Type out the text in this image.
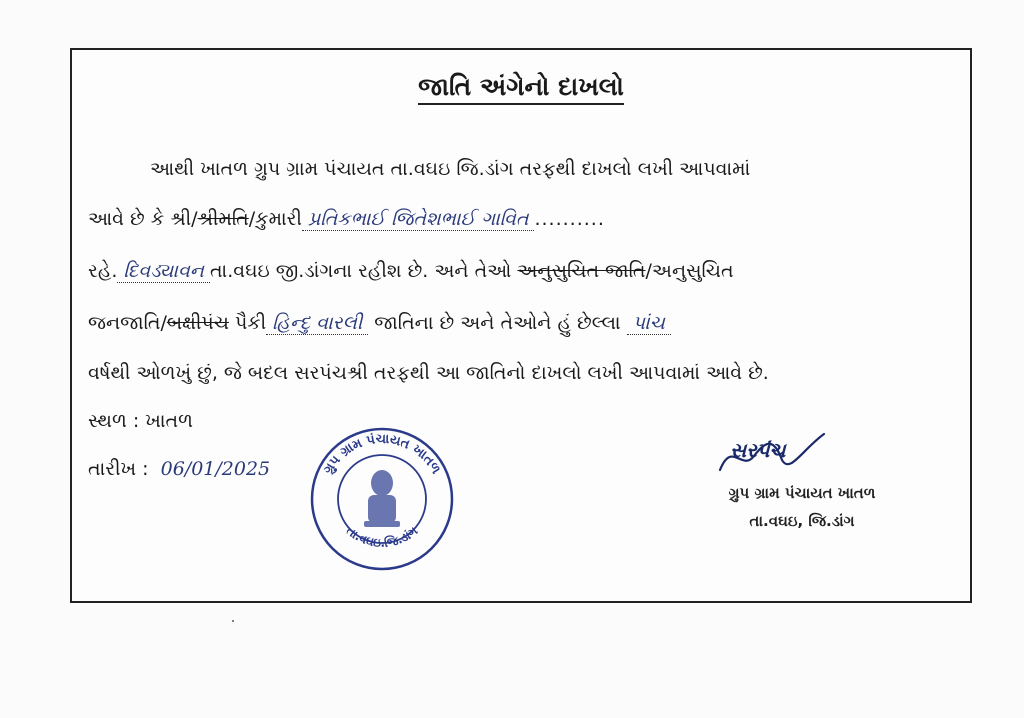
જાતિ અંગેનો દાખલો
આથી ખાતળ ગ્રુપ ગ્રામ પંચાયત તા.વઘઇ જિ.ડાંગ તરફથી દાખલો લખી આપવામાં
આવે છે કે શ્રી/શ્રીમતિ/કુમારી પ્રતિકભાઈ જિતેશભાઈ ગાવિત ..........
રહે. દિવડ્યાવન તા.વઘઇ જી.ડાંગના રહીશ છે. અને તેઓ અનુસુચિત જાતિ/અનુસુચિત
જનજાતિ/બક્ષીપંચ પૈકી હિન્દુ વારલી જાતિના છે અને તેઓને હું છેલ્લા પાંચ
વર્ષથી ઓળખું છું, જે બદલ સરપંચશ્રી તરફથી આ જાતિનો દાખલો લખી આપવામાં આવે છે.
સ્થળ : ખાતળ
તારીખ : 06/01/2025	ગ્રુપ ગ્રામ પંચાયત ખાતળ
તા.વઘઇ.જિ.ડાંગ
સરપંચ
ગ્રુપ ગ્રામ પંચાયત ખાતળ
તા.વઘઇ, જિ.ડાંગ
